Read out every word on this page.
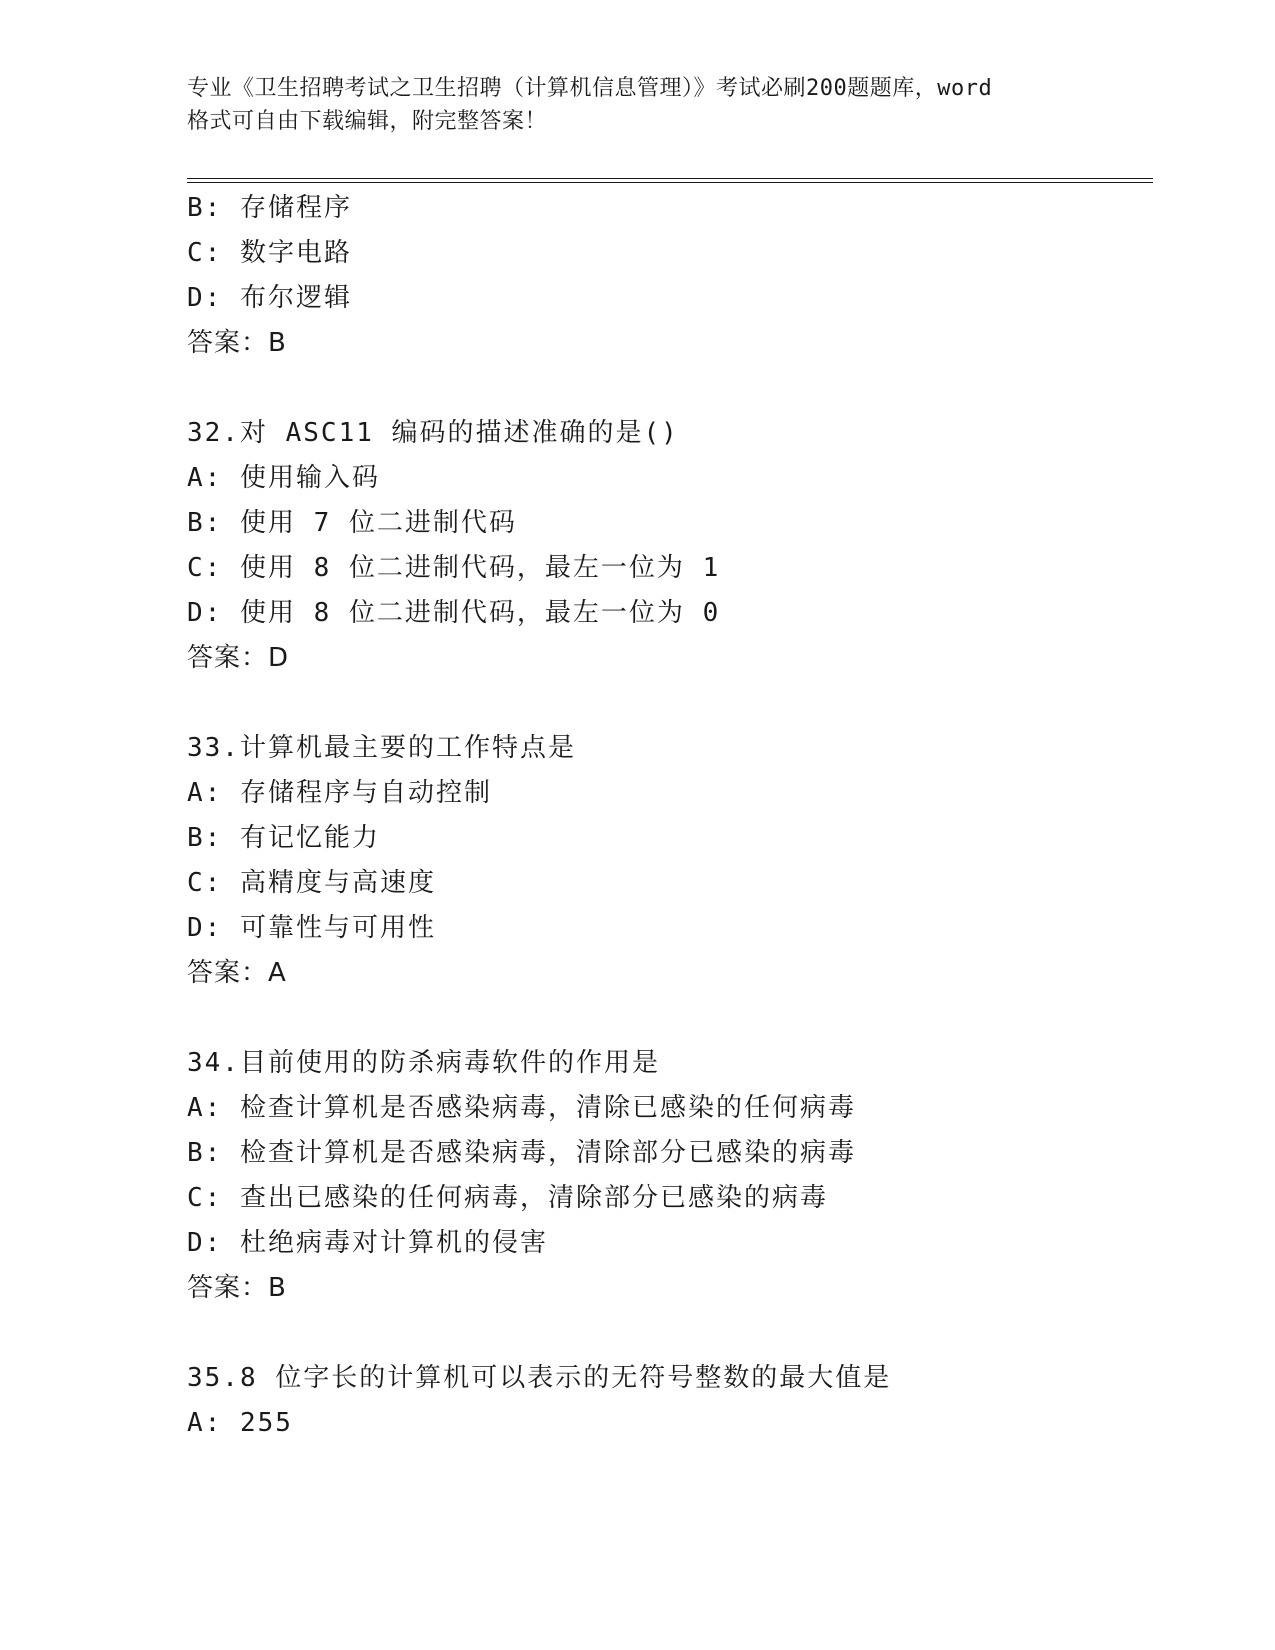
专业《卫生招聘考试之卫生招聘（计算机信息管理）》考试必刷200题题库，word
格式可自由下载编辑，附完整答案！
B: 存储程序
C: 数字电路
D: 布尔逻辑
答案：B
32.对 ASC11 编码的描述准确的是()
A: 使用输入码
B: 使用 7 位二进制代码
C: 使用 8 位二进制代码，最左一位为 1
D: 使用 8 位二进制代码，最左一位为 0
答案：D
33.计算机最主要的工作特点是
A: 存储程序与自动控制
B: 有记忆能力
C: 高精度与高速度
D: 可靠性与可用性
答案：A
34.目前使用的防杀病毒软件的作用是
A: 检查计算机是否感染病毒，清除已感染的任何病毒
B: 检查计算机是否感染病毒，清除部分已感染的病毒
C: 查出已感染的任何病毒，清除部分已感染的病毒
D: 杜绝病毒对计算机的侵害
答案：B
35.8 位字长的计算机可以表示的无符号整数的最大值是
A: 255
